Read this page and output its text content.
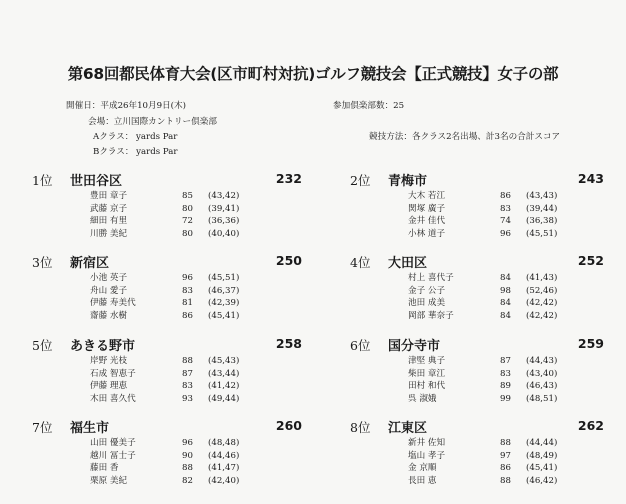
第68回都民体育大会(区市町村対抗)ゴルフ競技会【正式競技】女子の部
開催日：平成26年10月9日(木)	参加倶楽部数：25
会場：立川国際カントリー倶楽部
Aクラス： yards Par	競技方法：各クラス2名出場、計3名の合計スコア
Bクラス： yards Par
1位 世田谷区	232
豊田 章子	85 (43,42)
武藤 京子	80 (39,41)
細田 有里	72 (36,36)
川勝 美紀	80 (40,40)
2位 青梅市	243
大木 若江	86 (43,43)
関塚 廣子	83 (39,44)
金井 佳代	74 (36,38)
小林 道子	96 (45,51)
3位 新宿区	250
小池 英子	96 (45,51)
舟山 愛子	83 (46,37)
伊藤 寿美代	81 (42,39)
齋藤 水樹	86 (45,41)
4位 大田区	252
村上 喜代子	84 (41,43)
金子 公子	98 (52,46)
池田 成美	84 (42,42)
岡部 華奈子	84 (42,42)
5位 あきる野市	258
岸野 光枝	88 (45,43)
石成 智恵子	87 (43,44)
伊藤 理恵	83 (41,42)
木田 喜久代	93 (49,44)
6位 国分寺市	259
津堅 典子	87 (44,43)
柴田 章江	83 (43,40)
田村 和代	89 (46,43)
呉 淑娥	99 (48,51)
7位 福生市	260
山田 優美子	96 (48,48)
越川 冨士子	90 (44,46)
藤田 香	88 (41,47)
栗原 美紀	82 (42,40)
8位 江東区	262
新井 佐知	88 (44,44)
塩山 孝子	97 (48,49)
金 京順	86 (45,41)
長田 恵	88 (46,42)
